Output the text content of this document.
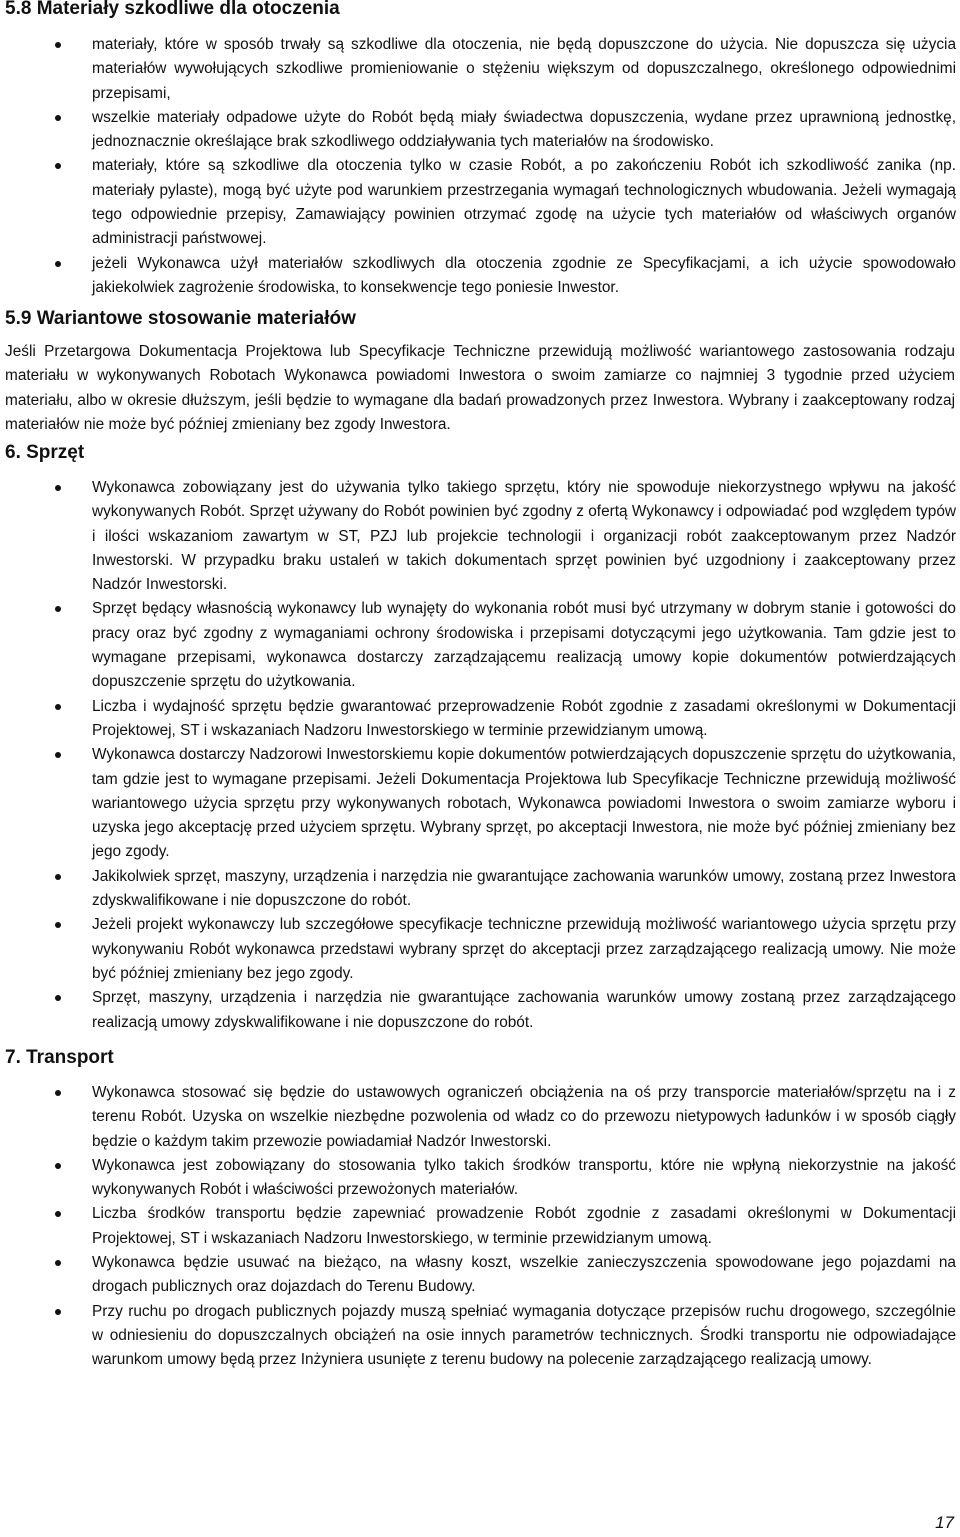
5.8 Materiały szkodliwe dla otoczenia
materiały, które w sposób trwały są szkodliwe dla otoczenia, nie będą dopuszczone do użycia. Nie dopuszcza się użycia materiałów wywołujących szkodliwe promieniowanie o stężeniu większym od dopuszczalnego, określonego odpowiednimi przepisami,
wszelkie materiały odpadowe użyte do Robót będą miały świadectwa dopuszczenia, wydane przez uprawnioną jednostkę, jednoznacznie określające brak szkodliwego oddziaływania tych materiałów na środowisko.
materiały, które są szkodliwe dla otoczenia tylko w czasie Robót, a po zakończeniu Robót ich szkodliwość zanika (np. materiały pylaste), mogą być użyte pod warunkiem przestrzegania wymagań technologicznych wbudowania. Jeżeli wymagają tego odpowiednie przepisy, Zamawiający powinien otrzymać zgodę na użycie tych materiałów od właściwych organów administracji państwowej.
jeżeli Wykonawca użył materiałów szkodliwych dla otoczenia zgodnie ze Specyfikacjami, a ich użycie spowodowało jakiekolwiek zagrożenie środowiska, to konsekwencje tego poniesie Inwestor.
5.9 Wariantowe stosowanie materiałów

Jeśli Przetargowa Dokumentacja Projektowa lub Specyfikacje Techniczne przewidują możliwość wariantowego zastosowania rodzaju materiału w wykonywanych Robotach Wykonawca powiadomi Inwestora o swoim zamiarze co najmniej 3 tygodnie przed użyciem materiału, albo w okresie dłuższym, jeśli będzie to wymagane dla badań prowadzonych przez Inwestora. Wybrany i zaakceptowany rodzaj materiałów nie może być później zmieniany bez zgody Inwestora.

6. Sprzęt
Wykonawca zobowiązany jest do używania tylko takiego sprzętu, który nie spowoduje niekorzystnego wpływu na jakość wykonywanych Robót. Sprzęt używany do Robót powinien być zgodny z ofertą Wykonawcy i odpowiadać pod względem typów i ilości wskazaniom zawartym w ST, PZJ lub projekcie technologii i organizacji robót zaakceptowanym przez Nadzór Inwestorski. W przypadku braku ustaleń w takich dokumentach sprzęt powinien być uzgodniony i zaakceptowany przez Nadzór Inwestorski.
Sprzęt będący własnością wykonawcy lub wynajęty do wykonania robót musi być utrzymany w dobrym stanie i gotowości do pracy oraz być zgodny z wymaganiami ochrony środowiska i przepisami dotyczącymi jego użytkowania. Tam gdzie jest to wymagane przepisami, wykonawca dostarczy zarządzającemu realizacją umowy kopie dokumentów potwierdzających dopuszczenie sprzętu do użytkowania.
Liczba i wydajność sprzętu będzie gwarantować przeprowadzenie Robót zgodnie z zasadami określonymi w Dokumentacji Projektowej, ST i wskazaniach Nadzoru Inwestorskiego w terminie przewidzianym umową.
Wykonawca dostarczy Nadzorowi Inwestorskiemu kopie dokumentów potwierdzających dopuszczenie sprzętu do użytkowania, tam gdzie jest to wymagane przepisami. Jeżeli Dokumentacja Projektowa lub Specyfikacje Techniczne przewidują możliwość wariantowego użycia sprzętu przy wykonywanych robotach, Wykonawca powiadomi Inwestora o swoim zamiarze wyboru i uzyska jego akceptację przed użyciem sprzętu. Wybrany sprzęt, po akceptacji Inwestora, nie może być później zmieniany bez jego zgody.
Jakikolwiek sprzęt, maszyny, urządzenia i narzędzia nie gwarantujące zachowania warunków umowy, zostaną przez Inwestora zdyskwalifikowane i nie dopuszczone do robót.
Jeżeli projekt wykonawczy lub szczegółowe specyfikacje techniczne przewidują możliwość wariantowego użycia sprzętu przy wykonywaniu Robót wykonawca przedstawi wybrany sprzęt do akceptacji przez zarządzającego realizacją umowy. Nie może być później zmieniany bez jego zgody.
Sprzęt, maszyny, urządzenia i narzędzia nie gwarantujące zachowania warunków umowy zostaną przez zarządzającego realizacją umowy zdyskwalifikowane i nie dopuszczone do robót.
7. Transport
Wykonawca stosować się będzie do ustawowych ograniczeń obciążenia na oś przy transporcie materiałów/sprzętu na i z terenu Robót. Uzyska on wszelkie niezbędne pozwolenia od władz co do przewozu nietypowych ładunków i w sposób ciągły będzie o każdym takim przewozie powiadamiał Nadzór Inwestorski.
Wykonawca jest zobowiązany do stosowania tylko takich środków transportu, które nie wpłyną niekorzystnie na jakość wykonywanych Robót i właściwości przewożonych materiałów.
Liczba środków transportu będzie zapewniać prowadzenie Robót zgodnie z zasadami określonymi w Dokumentacji Projektowej, ST i wskazaniach Nadzoru Inwestorskiego, w terminie przewidzianym umową.
Wykonawca będzie usuwać na bieżąco, na własny koszt, wszelkie zanieczyszczenia spowodowane jego pojazdami na drogach publicznych oraz dojazdach do Terenu Budowy.
Przy ruchu po drogach publicznych pojazdy muszą spełniać wymagania dotyczące przepisów ruchu drogowego, szczególnie w odniesieniu do dopuszczalnych obciążeń na osie innych parametrów technicznych. Środki transportu nie odpowiadające warunkom umowy będą przez Inżyniera usunięte z terenu budowy na polecenie zarządzającego realizacją umowy.
17
